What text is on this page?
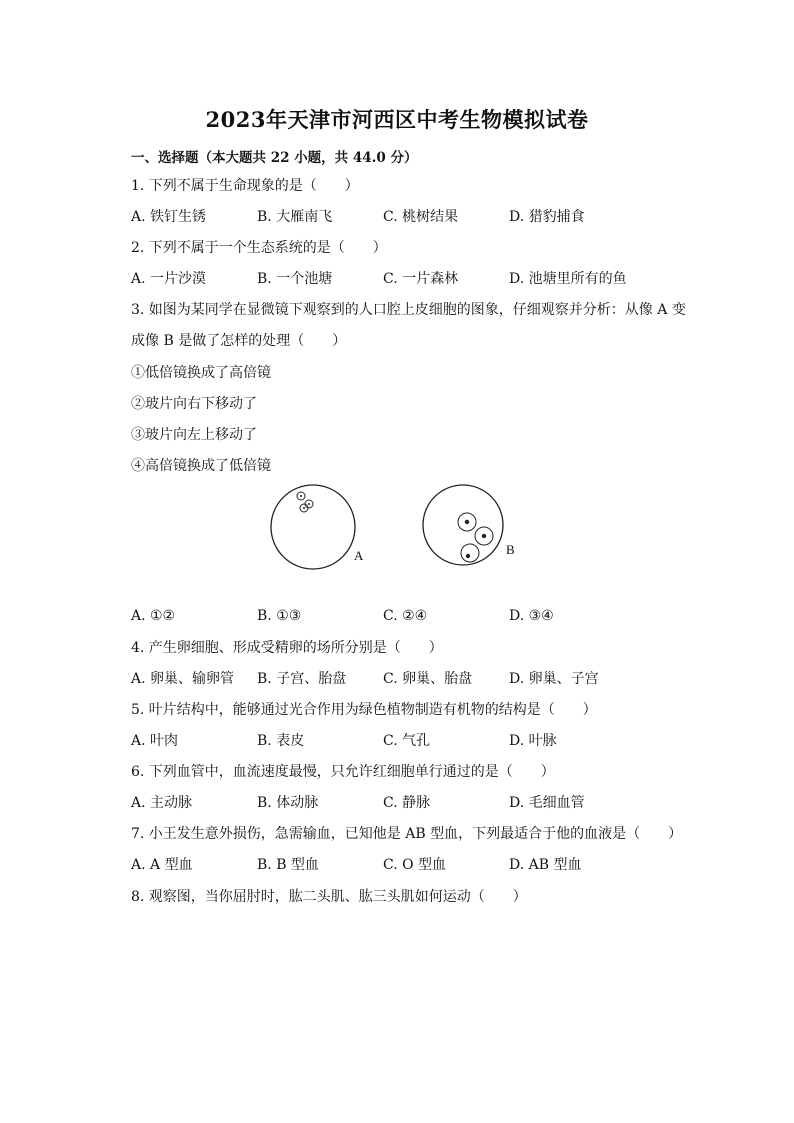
2023年天津市河西区中考生物模拟试卷
一、选择题（本大题共 22 小题，共 44.0 分）
1. 下列不属于生命现象的是（　　）
A. 铁钉生锈	B. 大雁南飞	C. 桃树结果	D. 猎豹捕食
2. 下列不属于一个生态系统的是（　　）
A. 一片沙漠	B. 一个池塘	C. 一片森林	D. 池塘里所有的鱼
3. 如图为某同学在显微镜下观察到的人口腔上皮细胞的图象，仔细观察并分析：从像 A 变
成像 B 是做了怎样的处理（　　）
①低倍镜换成了高倍镜
②玻片向右下移动了
③玻片向左上移动了
④高倍镜换成了低倍镜
A	B
A. ①②	B. ①③	C. ②④	D. ③④
4. 产生卵细胞、形成受精卵的场所分别是（　　）
A. 卵巢、输卵管 B. 子宫、胎盘	C. 卵巢、胎盘	D. 卵巢、子宫
5. 叶片结构中，能够通过光合作用为绿色植物制造有机物的结构是（　　）
A. 叶肉	B. 表皮	C. 气孔	D. 叶脉
6. 下列血管中，血流速度最慢，只允许红细胞单行通过的是（　　）
A. 主动脉	B. 体动脉	C. 静脉	D. 毛细血管
7. 小王发生意外损伤，急需输血，已知他是 AB 型血，下列最适合于他的血液是（　　）
A. A 型血	B. B 型血	C. O 型血	D. AB 型血
8. 观察图，当你屈肘时，肱二头肌、肱三头肌如何运动（　　）
